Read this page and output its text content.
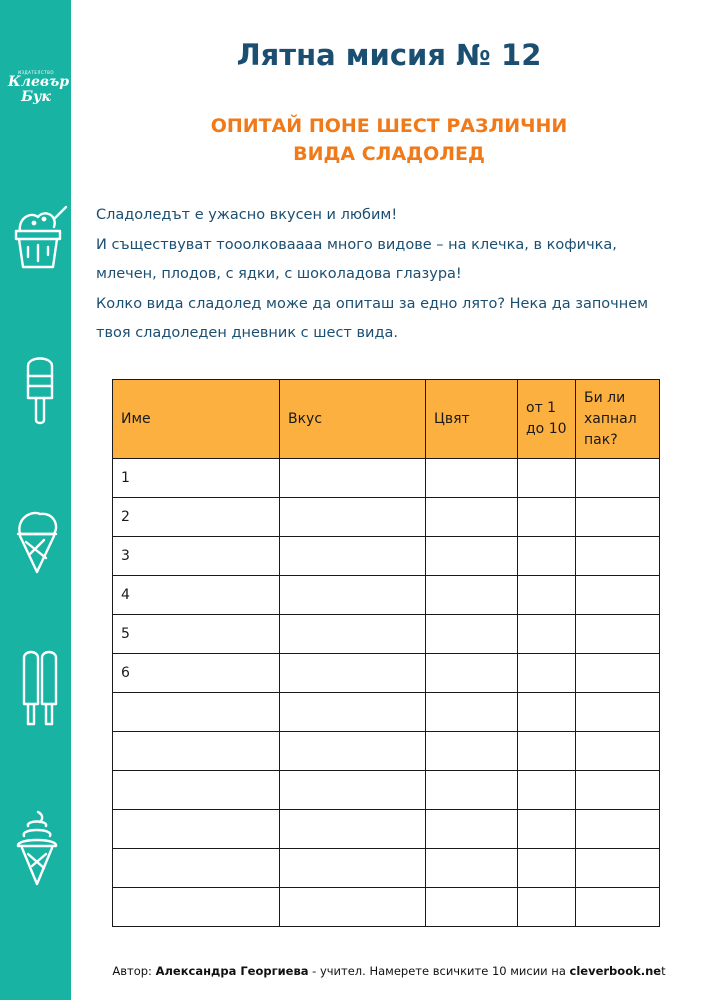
ИЗДАТЕЛСТВО
Клевър
Бук
Лятна мисия № 12
ОПИТАЙ ПОНЕ ШЕСТ РАЗЛИЧНИ
ВИДА СЛАДОЛЕД
Сладоледът е ужасно вкусен и любим!
И съществуват тооолковаааа много видове – на клечка, в кофичка,
млечен, плодов, с ядки, с шоколадова глазура!
Колко вида сладолед може да опиташ за едно лято? Нека да започнем
твоя сладоледен дневник с шест вида.
Име	Вкус	Цвят	от 1 до 10	Би ли хапнал пак?
1				
2				
3				
4				
5				
6				

Автор: Александра Георгиева - учител. Намерете всичките 10 мисии на cleverbook.net
